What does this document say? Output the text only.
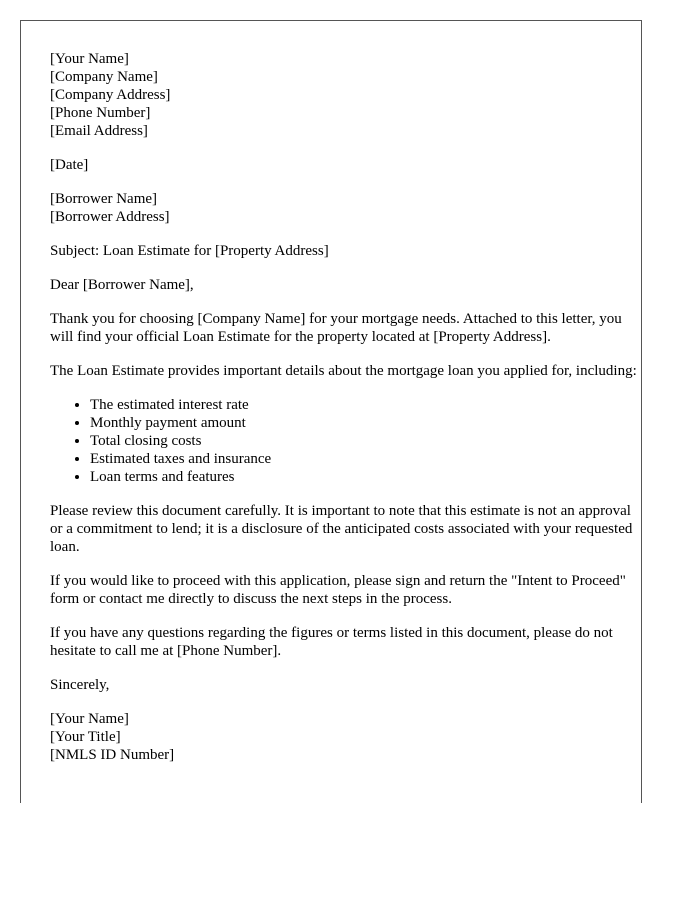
[Your Name]
[Company Name]
[Company Address]
[Phone Number]
[Email Address]
[Date]
[Borrower Name]
[Borrower Address]

Subject: Loan Estimate for [Property Address]

Dear [Borrower Name],

Thank you for choosing [Company Name] for your mortgage needs. Attached to this letter, you will find your official Loan Estimate for the property located at [Property Address].

The Loan Estimate provides important details about the mortgage loan you applied for, including:

• The estimated interest rate
• Monthly payment amount
• Total closing costs
• Estimated taxes and insurance
• Loan terms and features

Please review this document carefully. It is important to note that this estimate is not an approval or a commitment to lend; it is a disclosure of the anticipated costs associated with your requested loan.

If you would like to proceed with this application, please sign and return the "Intent to Proceed" form or contact me directly to discuss the next steps in the process.

If you have any questions regarding the figures or terms listed in this document, please do not hesitate to call me at [Phone Number].

Sincerely,

[Your Name]
[Your Title]
[NMLS ID Number]
